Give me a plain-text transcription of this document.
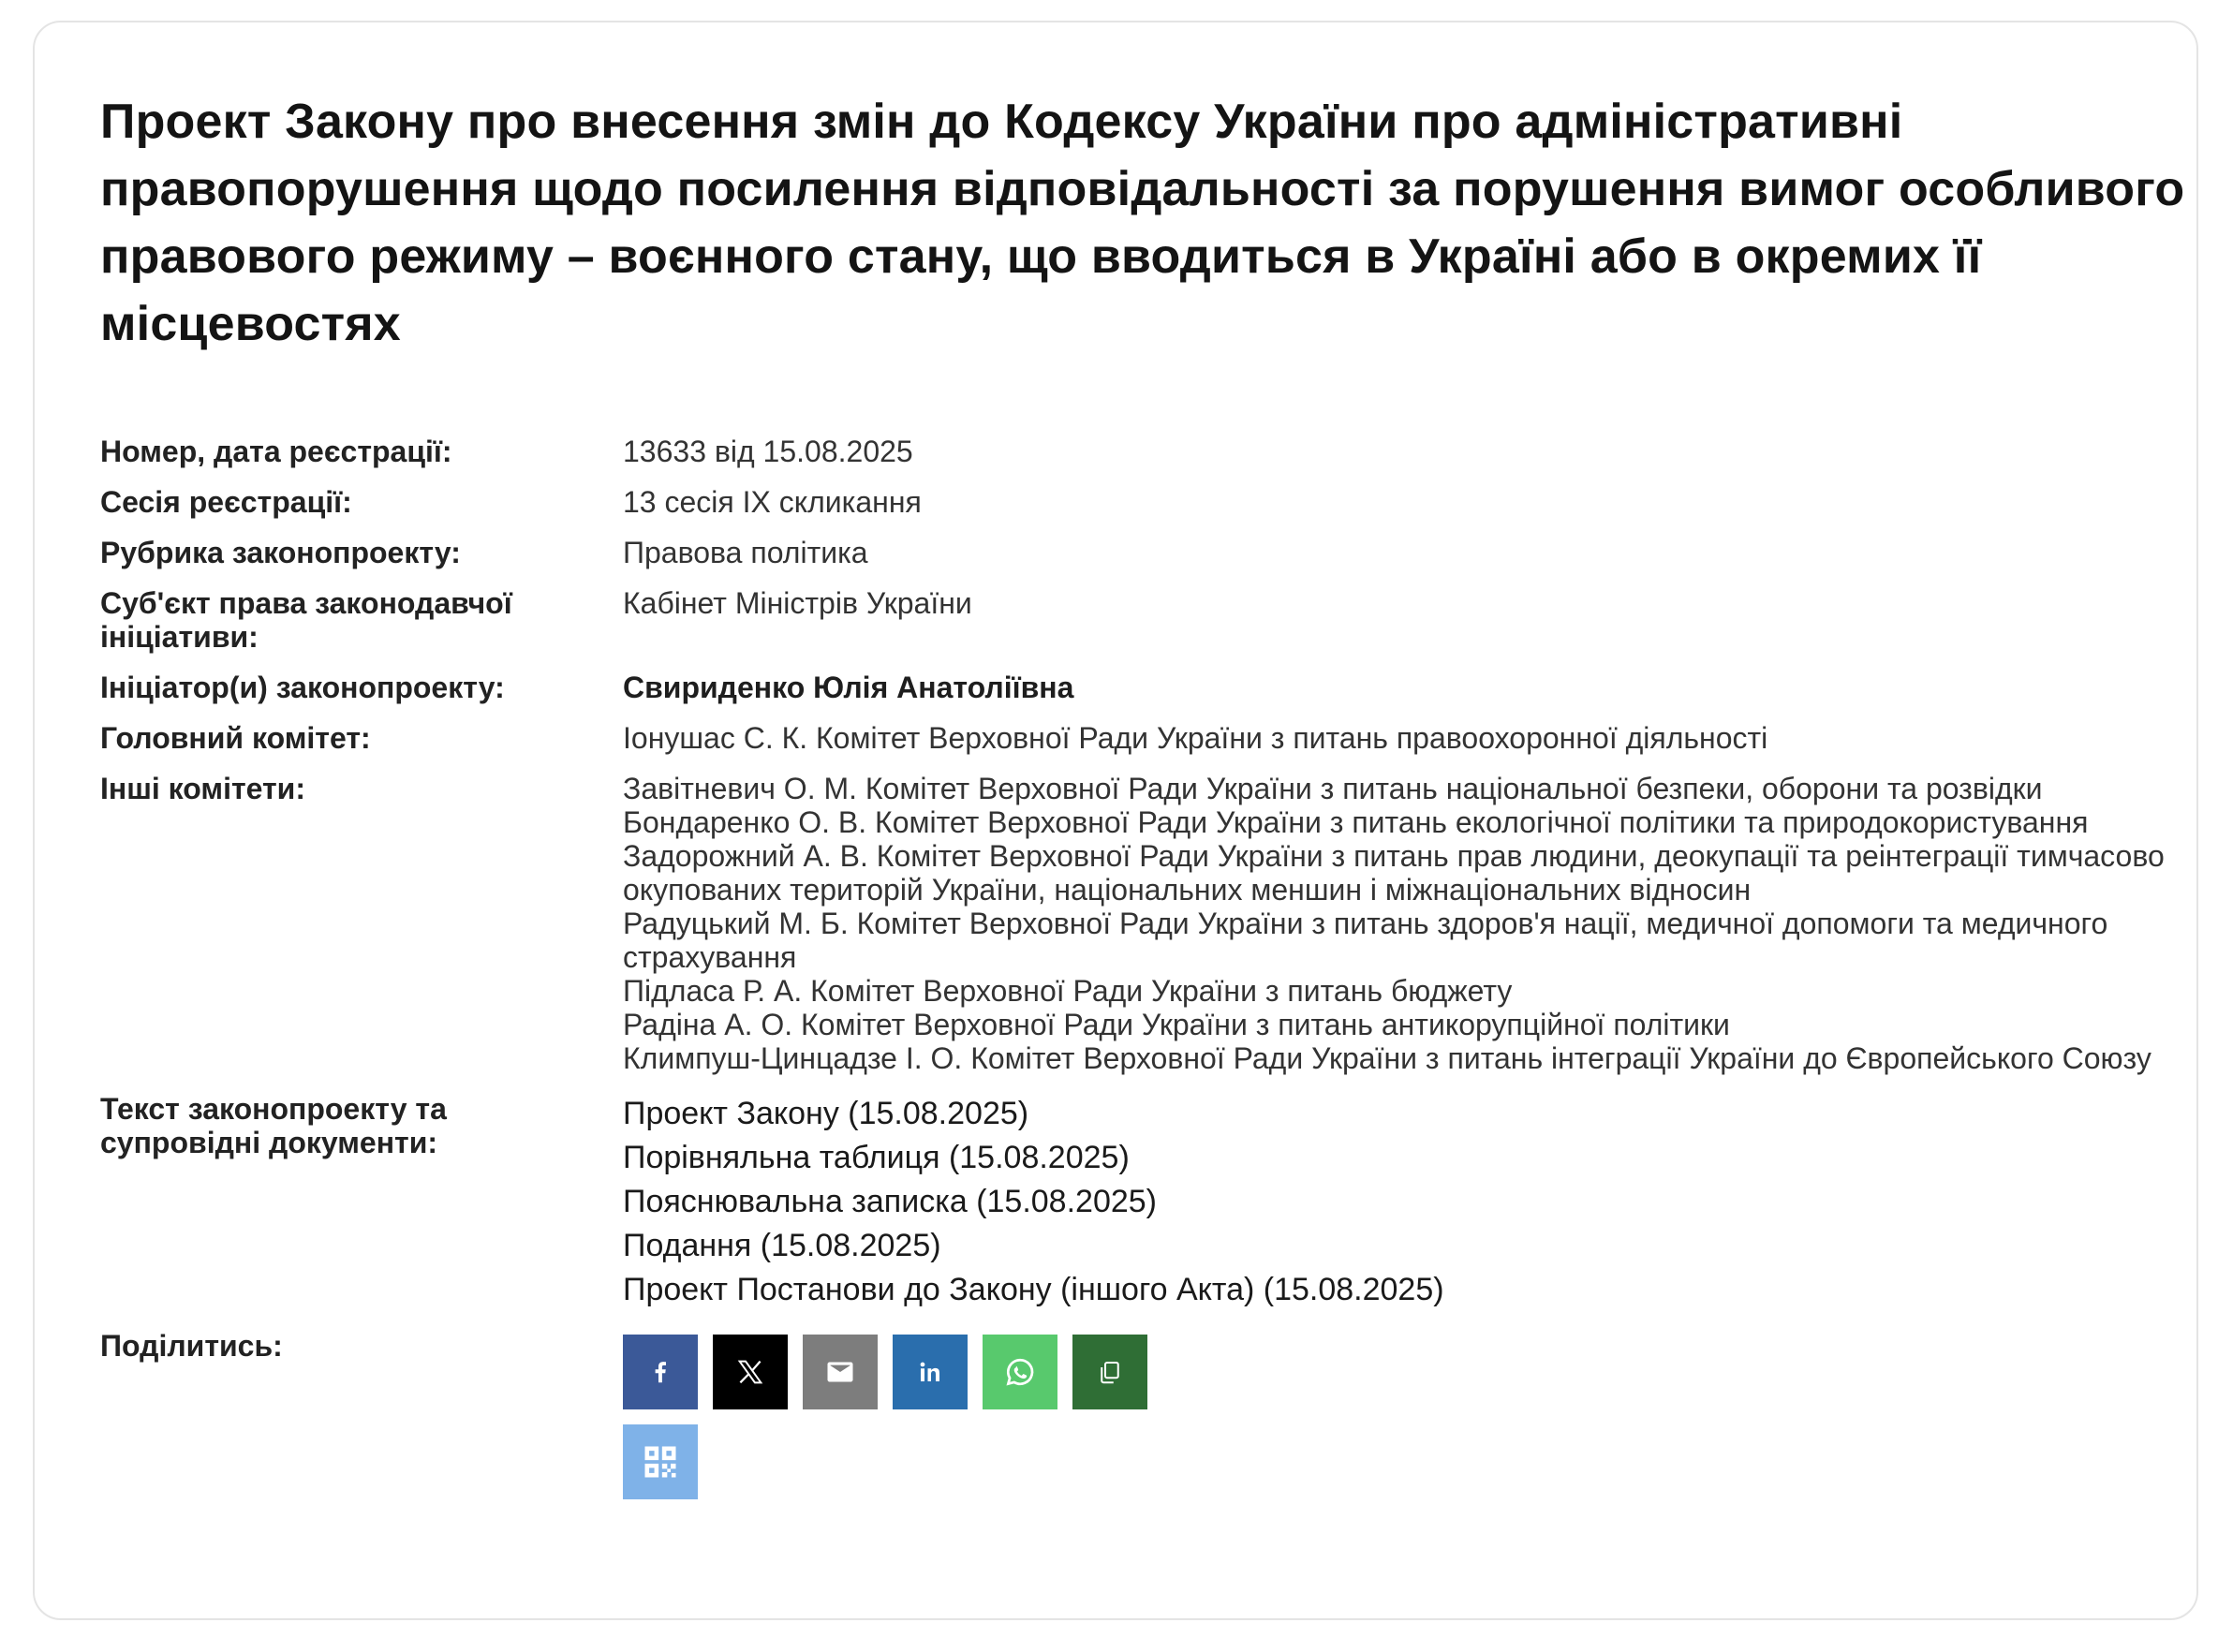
Проект Закону про внесення змін до Кодексу України про адміністративні правопорушення щодо посилення відповідальності за порушення вимог особливого правового режиму – воєнного стану, що вводиться в Україні або в окремих її місцевостях
Номер, дата реєстрації:	13633 від 15.08.2025
Сесія реєстрації:	13 сесія IX скликання
Рубрика законопроекту:	Правова політика
Суб'єкт права законодавчої ініціативи:
Кабінет Міністрів України
Ініціатор(и) законопроекту:	Свириденко Юлія Анатоліївна
Головний комітет:	Іонушас С. К. Комітет Верховної Ради України з питань правоохоронної діяльності
Інші комітети:	Завітневич О. М. Комітет Верховної Ради України з питань національної безпеки, оборони та розвідки
Бондаренко О. В. Комітет Верховної Ради України з питань екологічної політики та природокористування
Задорожний А. В. Комітет Верховної Ради України з питань прав людини, деокупації та реінтеграції тимчасово окупованих територій України, національних меншин і міжнаціональних відносин
Радуцький М. Б. Комітет Верховної Ради України з питань здоров'я нації, медичної допомоги та медичного страхування
Підласа Р. А. Комітет Верховної Ради України з питань бюджету
Радіна А. О. Комітет Верховної Ради України з питань антикорупційної політики
Климпуш-Цинцадзе І. О. Комітет Верховної Ради України з питань інтеграції України до Європейського Союзу
Текст законопроекту та супровідні документи:
Проект Закону (15.08.2025)
Порівняльна таблиця (15.08.2025)
Пояснювальна записка (15.08.2025)
Подання (15.08.2025)
Проект Постанови до Закону (іншого Акта) (15.08.2025)
Поділитись:
